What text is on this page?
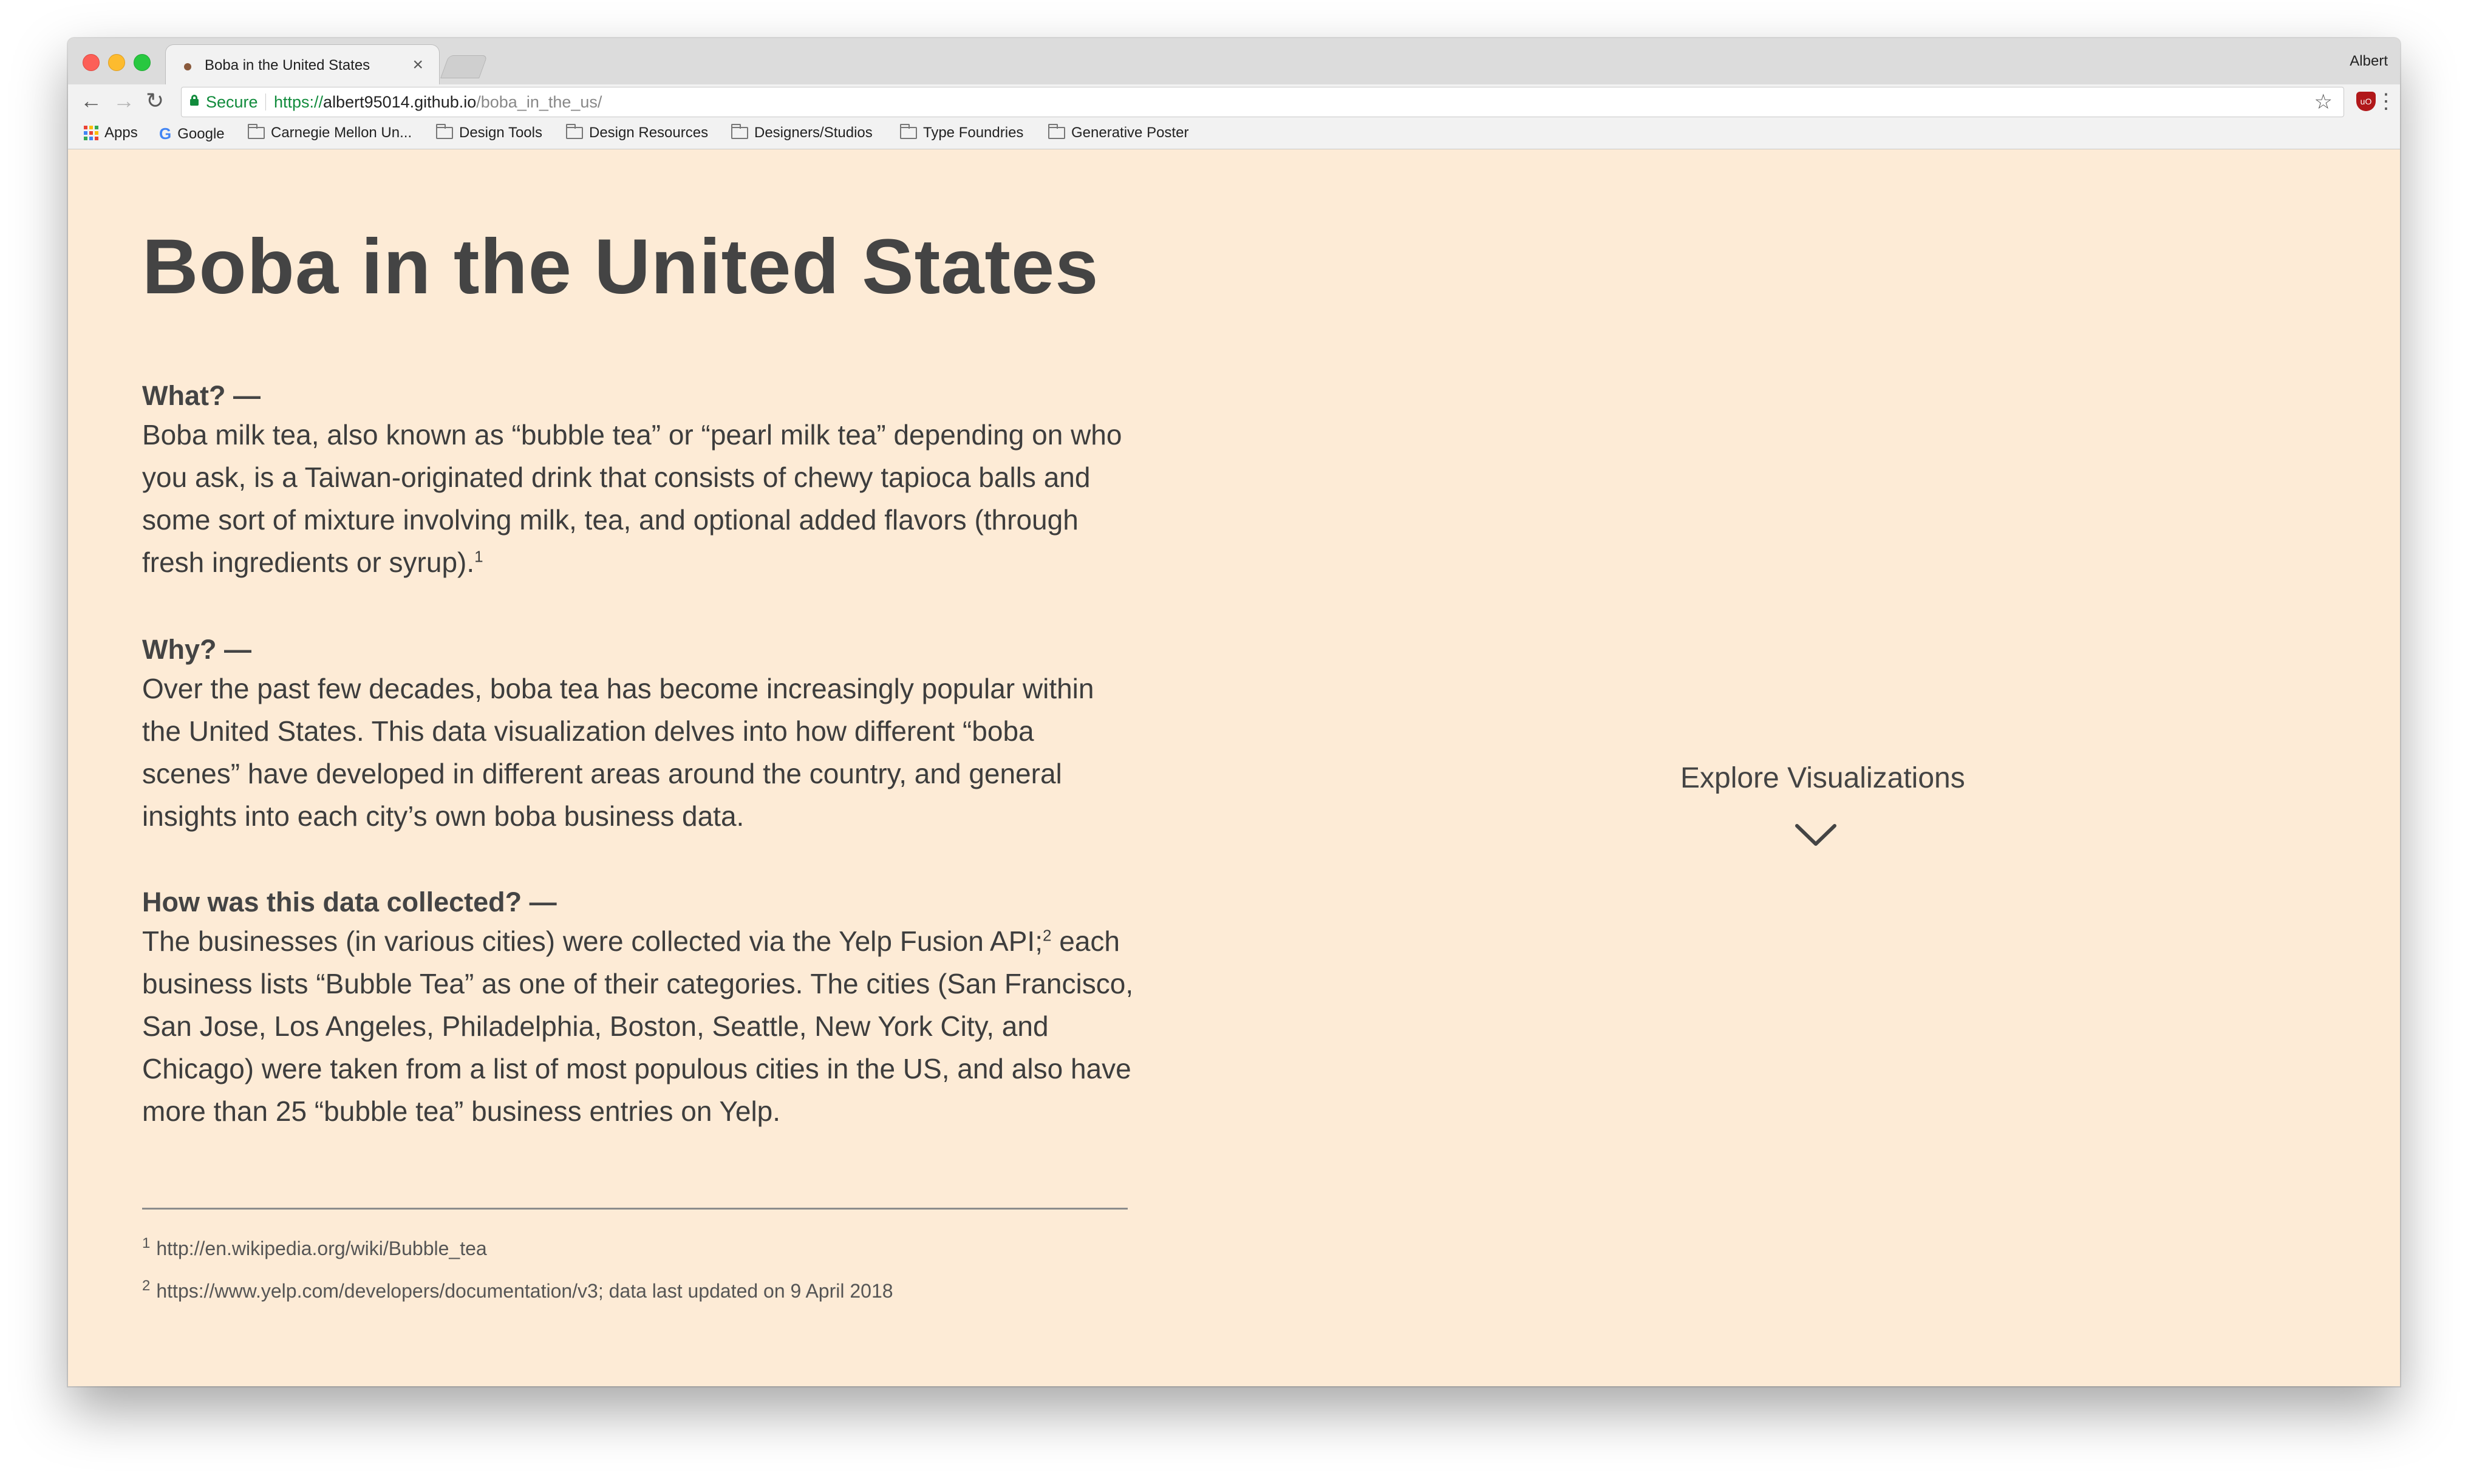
Boba in the United States ×	Albert
← → ↻	Secure https://albert95014.github.io/boba_in_the_us/	☆	uO ⋮
Apps G Google	Carnegie Mellon Un...	Design Tools	Design Resources	Designers/Studios	Type Foundries	Generative Poster
Boba in the United States
What? —
Boba milk tea, also known as “bubble tea” or “pearl milk tea” depending on who you ask, is a Taiwan-originated drink that consists of chewy tapioca balls and some sort of mixture involving milk, tea, and optional added flavors (through fresh ingredients or syrup).$^1$
Why? —
Over the past few decades, boba tea has become increasingly popular within the United States. This data visualization delves into how different “boba scenes” have developed in different areas around the country, and general insights into each city’s own boba business data.
How was this data collected? —
The businesses (in various cities) were collected via the Yelp Fusion API;$^2$ each business lists “Bubble Tea” as one of their categories. The cities (San Francisco, San Jose, Los Angeles, Philadelphia, Boston, Seattle, New York City, and Chicago) were taken from a list of most populous cities in the US, and also have more than 25 “bubble tea” business entries on Yelp.
$^1$ http://en.wikipedia.org/wiki/Bubble_tea
$^2$ https://www.yelp.com/developers/documentation/v3; data last updated on 9 April 2018
Explore Visualizations
